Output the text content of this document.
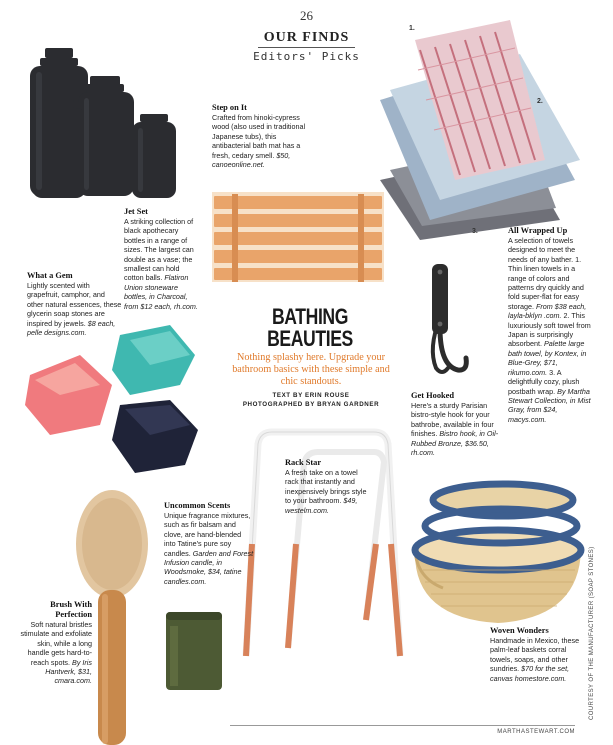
26
OUR FINDS
Editors' Picks
1.
2.
3.
Step on It
Crafted from hinoki-cypress wood (also used in traditional Japanese tubs), this antibacterial bath mat has a fresh, cedary smell. $50, canoeonline.net.
Jet Set
A striking collection of black apothecary bottles in a range of sizes. The largest can double as a vase; the smallest can hold cotton balls. Flatiron Union stoneware bottles, in Charcoal, from $12 each, rh.com.
What a Gem
Lightly scented with grapefruit, camphor, and other natural essences, these glycerin soap stones are inspired by jewels. $8 each, pelle designs.com.
All Wrapped Up
A selection of towels designed to meet the needs of any bather. 1. Thin linen towels in a range of colors and patterns dry quickly and fold super-flat for easy storage. From $38 each, layla-bklyn .com. 2. This luxuriously soft towel from Japan is surprisingly absorbent. Palette large bath towel, by Kontex, in Blue-Grey, $71, rikumo.com. 3. A delightfully cozy, plush postbath wrap. By Martha Stewart Collection, in Mist Gray, from $24, macys.com.
BATHING
BEAUTIES
Nothing splashy here. Upgrade your bathroom basics with these simple and chic standouts.
TEXT BY ERIN ROUSE
PHOTOGRAPHED BY BRYAN GARDNER
Get Hooked
Here's a sturdy Parisian bistro-style hook for your bathrobe, available in four finishes. Bistro hook, in Oil-Rubbed Bronze, $36.50, rh.com.
Rack Star
A fresh take on a towel rack that instantly and inexpensively brings style to your bathroom. $49, westelm.com.
Uncommon Scents
Unique fragrance mixtures, such as fir balsam and clove, are hand-blended into Tatine's pure soy candles. Garden and Forest Infusion candle, in Woodsmoke, $34, tatine candles.com.
Brush With Perfection
Soft natural bristles stimulate and exfoliate skin, while a long handle gets hard-to-reach spots. By Iris Hantverk, $31, cmara.com.
Woven Wonders
Handmade in Mexico, these palm-leaf baskets corral towels, soaps, and other sundries. $70 for the set, canvas homestore.com.
MARTHASTEWART.COM
COURTESY OF THE MANUFACTURER (SOAP STONES)
